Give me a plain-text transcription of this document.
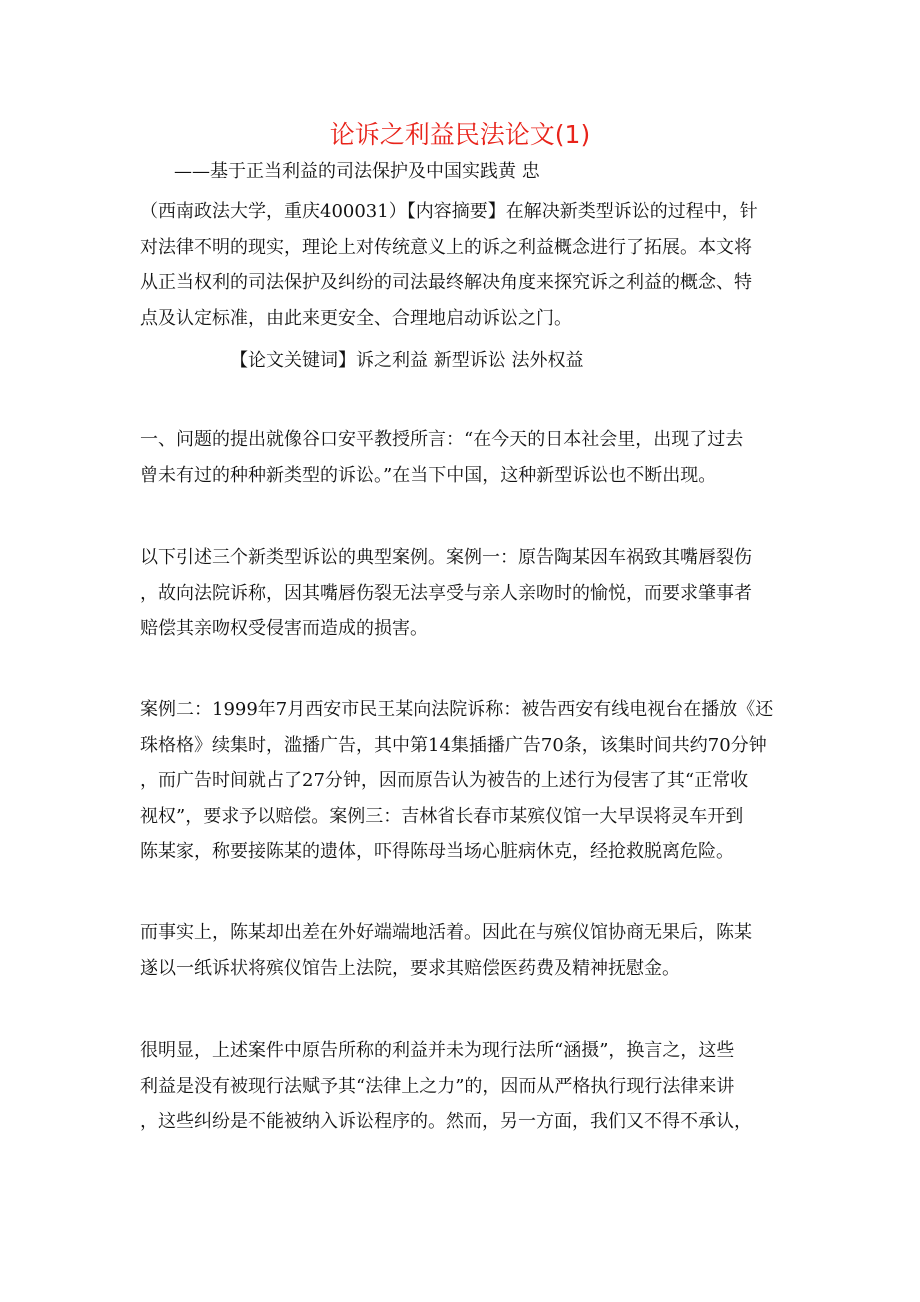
论诉之利益民法论文(1)
——基于正当利益的司法保护及中国实践黄 忠
（西南政法大学，重庆400031）【内容摘要】在解决新类型诉讼的过程中，针
对法律不明的现实，理论上对传统意义上的诉之利益概念进行了拓展。本文将
从正当权利的司法保护及纠纷的司法最终解决角度来探究诉之利益的概念、特
点及认定标准，由此来更安全、合理地启动诉讼之门。
【论文关键词】诉之利益 新型诉讼 法外权益
一、问题的提出就像谷口安平教授所言：“在今天的日本社会里，出现了过去
曾未有过的种种新类型的诉讼。”在当下中国，这种新型诉讼也不断出现。
以下引述三个新类型诉讼的典型案例。案例一：原告陶某因车祸致其嘴唇裂伤
，故向法院诉称，因其嘴唇伤裂无法享受与亲人亲吻时的愉悦，而要求肇事者
赔偿其亲吻权受侵害而造成的损害。
案例二：1999年7月西安市民王某向法院诉称：被告西安有线电视台在播放《还
珠格格》续集时，滥播广告，其中第14集插播广告70条，该集时间共约70分钟
，而广告时间就占了27分钟，因而原告认为被告的上述行为侵害了其“正常收
视权”，要求予以赔偿。案例三：吉林省长春市某殡仪馆一大早误将灵车开到
陈某家，称要接陈某的遗体，吓得陈母当场心脏病休克，经抢救脱离危险。
而事实上，陈某却出差在外好端端地活着。因此在与殡仪馆协商无果后，陈某
遂以一纸诉状将殡仪馆告上法院，要求其赔偿医药费及精神抚慰金。
很明显，上述案件中原告所称的利益并未为现行法所“涵摄”，换言之，这些
利益是没有被现行法赋予其“法律上之力”的，因而从严格执行现行法律来讲
，这些纠纷是不能被纳入诉讼程序的。然而，另一方面，我们又不得不承认，
